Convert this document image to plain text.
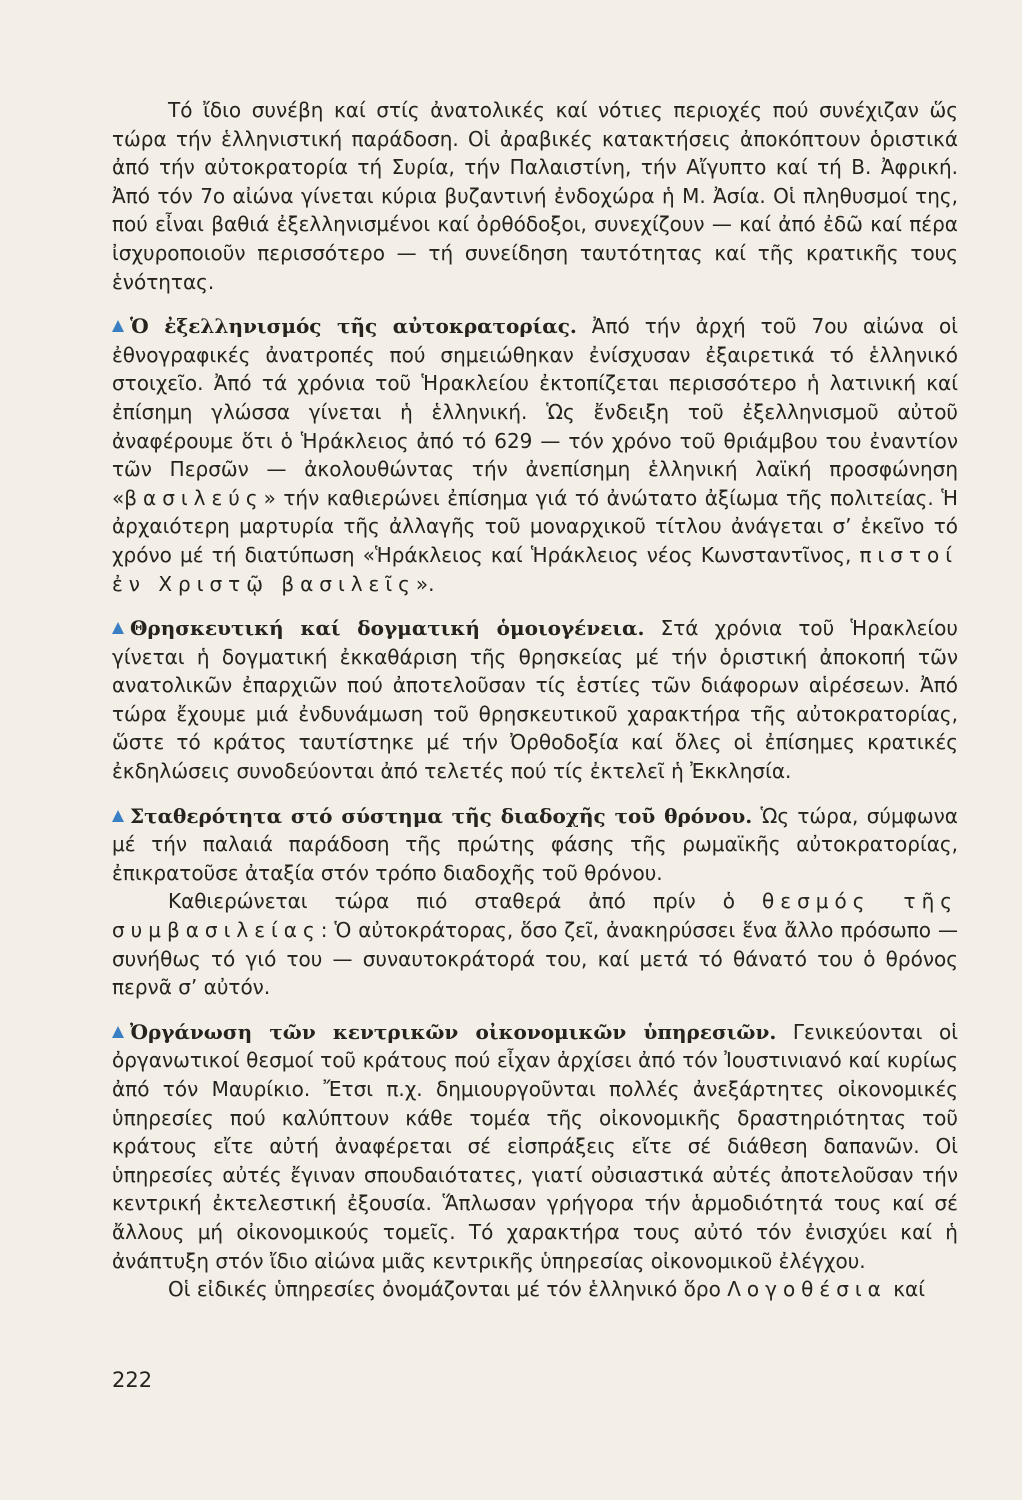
Τό ἴδιο συνέβη καί στίς ἀνατολικές καί νότιες περιοχές πού συνέχιζαν ὥς τώρα τήν ἑλληνιστική παράδοση. Οἱ ἀραβικές κατακτήσεις ἀποκόπτουν ὁριστικά ἀπό τήν αὐτοκρατορία τή Συρία, τήν Παλαιστίνη, τήν Αἴγυπτο καί τή Β. Ἀφρική. Ἀπό τόν 7ο αἰώνα γίνεται κύρια βυζαντινή ἐνδοχώρα ἡ Μ. Ἀσία. Οἱ πληθυσμοί της, πού εἶναι βαθιά ἐξελληνισμένοι καί ὀρθόδοξοι, συνεχίζουν — καί ἀπό ἐδῶ καί πέρα ἰσχυροποιοῦν περισσότερο — τή συνείδηση ταυτότητας καί τῆς κρατικῆς τους ἑνότητας.

Ὁ ἐξελληνισμός τῆς αὐτοκρατορίας. Ἀπό τήν ἀρχή τοῦ 7ου αἰώνα οἱ ἐθνογραφικές ἀνατροπές πού σημειώθηκαν ἐνίσχυσαν ἐξαιρετικά τό ἑλληνικό στοιχεῖο. Ἀπό τά χρόνια τοῦ Ἡρακλείου ἐκτοπίζεται περισσότερο ἡ λατινική καί ἐπίσημη γλώσσα γίνεται ἡ ἑλληνική. Ὡς ἔνδειξη τοῦ ἐξελληνισμοῦ αὐτοῦ ἀναφέρουμε ὅτι ὁ Ἡράκλειος ἀπό τό 629 — τόν χρόνο τοῦ θριάμβου του ἐναντίον τῶν Περσῶν — ἀκολουθώντας τήν ἀνεπίσημη ἑλληνική λαϊκή προσφώνηση «βασιλεύς» τήν καθιερώνει ἐπίσημα γιά τό ἀνώτατο ἀξίωμα τῆς πολιτείας. Ἡ ἀρχαιότερη μαρτυρία τῆς ἀλλαγῆς τοῦ μοναρχικοῦ τίτλου ἀνάγεται σ’ ἐκεῖνο τό χρόνο μέ τή διατύπωση «Ἡράκλειος καί Ἡράκλειος νέος Κωνσταντῖνος, πιστοί ἐν Χριστῷ βασιλεῖς».

Θρησκευτική καί δογματική ὁμοιογένεια. Στά χρόνια τοῦ Ἡρακλείου γίνεται ἡ δογματική ἐκκαθάριση τῆς θρησκείας μέ τήν ὁριστική ἀποκοπή τῶν ανατολικῶν ἐπαρχιῶν πού ἀποτελοῦσαν τίς ἑστίες τῶν διάφορων αἱρέσεων. Ἀπό τώρα ἔχουμε μιά ἐνδυνάμωση τοῦ θρησκευτικοῦ χαρακτήρα τῆς αὐτοκρατορίας, ὥστε τό κράτος ταυτίστηκε μέ τήν Ὀρθοδοξία καί ὅλες οἱ ἐπίσημες κρατικές ἐκδηλώσεις συνοδεύονται ἀπό τελετές πού τίς ἐκτελεῖ ἡ Ἐκκλησία.

Σταθερότητα στό σύστημα τῆς διαδοχῆς τοῦ θρόνου. Ὡς τώρα, σύμφωνα μέ τήν παλαιά παράδοση τῆς πρώτης φάσης τῆς ρωμαϊκῆς αὐτοκρατορίας, ἐπικρατοῦσε ἀταξία στόν τρόπο διαδοχῆς τοῦ θρόνου.

Καθιερώνεται τώρα πιό σταθερά ἀπό πρίν ὁ θεσμός τῆς συμβασιλείας: Ὁ αὐτοκράτορας, ὅσο ζεῖ, ἀνακηρύσσει ἕνα ἄλλο πρόσωπο — συνήθως τό γιό του — συναυτοκράτορά του, καί μετά τό θάνατό του ὁ θρόνος περνᾶ σ’ αὐτόν.

Ὀργάνωση τῶν κεντρικῶν οἰκονομικῶν ὑπηρεσιῶν. Γενικεύονται οἱ ὀργανωτικοί θεσμοί τοῦ κράτους πού εἶχαν ἀρχίσει ἀπό τόν Ἰουστινιανό καί κυρίως ἀπό τόν Μαυρίκιο. Ἔτσι π.χ. δημιουργοῦνται πολλές ἀνεξάρτητες οἰκονομικές ὑπηρεσίες πού καλύπτουν κάθε τομέα τῆς οἰκονομικῆς δραστηριότητας τοῦ κράτους εἴτε αὐτή ἀναφέρεται σέ εἰσπράξεις εἴτε σέ διάθεση δαπανῶν. Οἱ ὑπηρεσίες αὐτές ἔγιναν σπουδαιότατες, γιατί οὐσιαστικά αὐτές ἀποτελοῦσαν τήν κεντρική ἐκτελεστική ἐξουσία. Ἅπλωσαν γρήγορα τήν ἁρμοδιότητά τους καί σέ ἄλλους μή οἰκονομικούς τομεῖς. Τό χαρακτήρα τους αὐτό τόν ἐνισχύει καί ἡ ἀνάπτυξη στόν ἴδιο αἰώνα μιᾶς κεντρικῆς ὑπηρεσίας οἰκονομικοῦ ἐλέγχου.

Οἱ εἰδικές ὑπηρεσίες ὀνομάζονται μέ τόν ἑλληνικό ὅρο Λογοθέσια καί

222
